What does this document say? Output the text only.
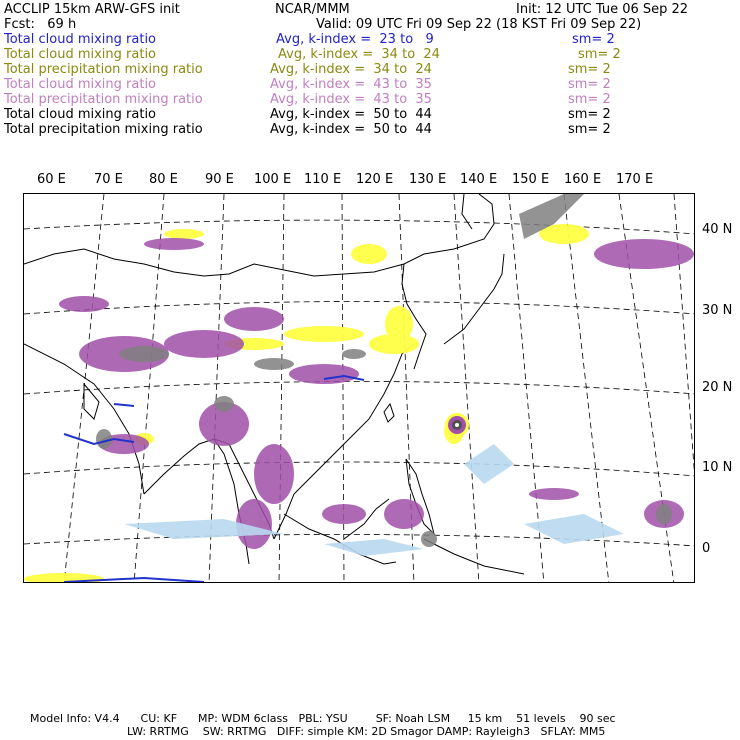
ACCLIP 15km ARW-GFS init	NCAR/MMM	Init: 12 UTC Tue 06 Sep 22
Fcst:   69 h	Valid: 09 UTC Fri 09 Sep 22 (18 KST Fri 09 Sep 22)
Total cloud mixing ratio	Avg, k-index =  23 to   9	sm= 2
Total cloud mixing ratio	Avg, k-index =  34 to  24	sm= 2
Total precipitation mixing ratio	Avg, k-index =  34 to  24	sm= 2
Total cloud mixing ratio	Avg, k-index =  43 to  35	sm= 2
Total precipitation mixing ratio	Avg, k-index =  43 to  35	sm= 2
Total cloud mixing ratio	Avg, k-index =  50 to  44	sm= 2
Total precipitation mixing ratio	Avg, k-index =  50 to  44	sm= 2
60 E 70 E 80 E 90 E 100 E 110 E 120 E 130 E 140 E 150 E 160 E 170 E
40 N
30 N
20 N
10 N
0
Model Info: V4.4      CU: KF      MP: WDM 6class   PBL: YSU        SF: Noah LSM     15 km    51 levels    90 sec
LW: RRTMG    SW: RRTMG   DIFF: simple KM: 2D Smagor DAMP: Rayleigh3   SFLAY: MM5
